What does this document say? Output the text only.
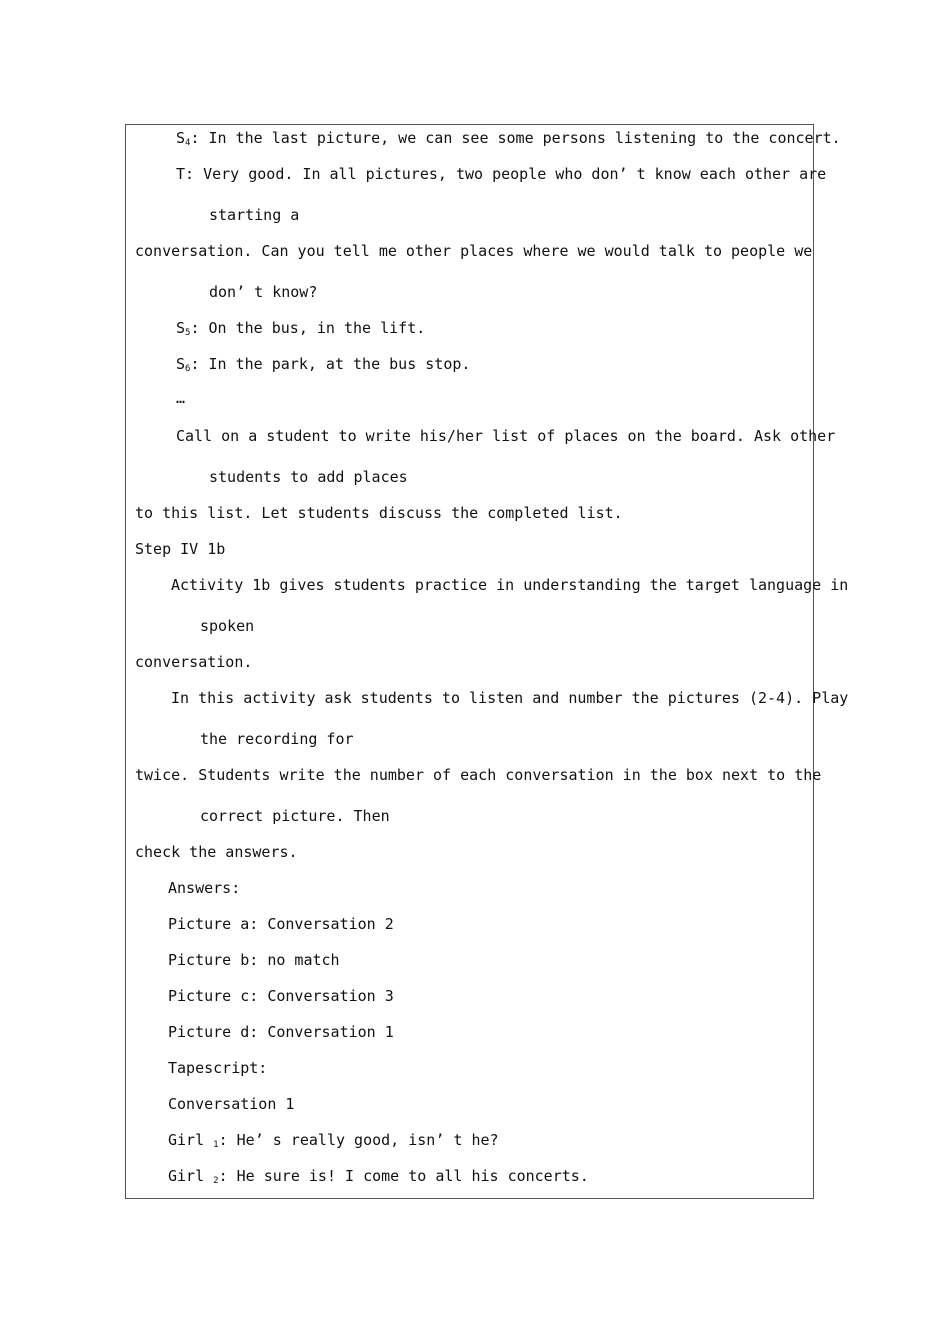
$S_4$: In the last picture, we can see some persons listening to the concert.
T: Very good. In all pictures, two people who don’ t know each other are
starting a
conversation. Can you tell me other places where we would talk to people we
don’ t know?
$S_5$: On the bus, in the lift.
$S_6$: In the park, at the bus stop.
…
Call on a student to write his/her list of places on the board. Ask other
students to add places
to this list. Let students discuss the completed list.
Step IV 1b
Activity 1b gives students practice in understanding the target language in
spoken
conversation.
In this activity ask students to listen and number the pictures (2-4). Play
the recording for
twice. Students write the number of each conversation in the box next to the
correct picture. Then
check the answers.
Answers:
Picture a: Conversation 2
Picture b: no match
Picture c: Conversation 3
Picture d: Conversation 1
Tapescript:
Conversation 1
Girl $_1$: He’ s really good, isn’ t he?
Girl $_2$: He sure is! I come to all his concerts.
